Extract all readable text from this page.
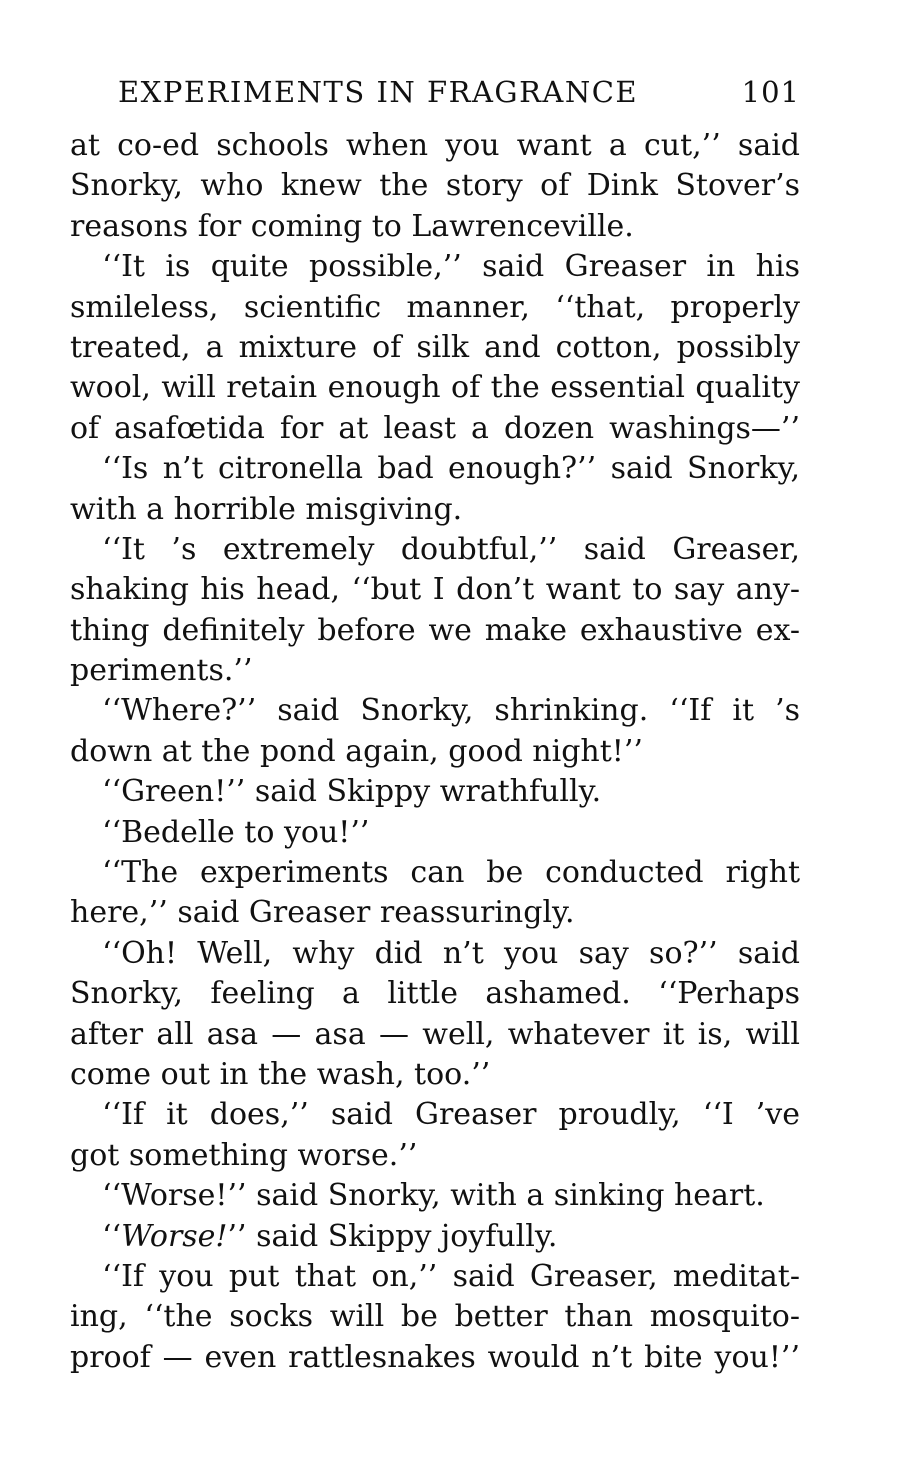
EXPERIMENTS IN FRAGRANCE	101
at co-ed schools when you want a cut,’’ said
Snorky, who knew the story of Dink Stover’s
reasons for coming to Lawrenceville.
‘‘It is quite possible,’’ said Greaser in his
smileless, scientific manner, ‘‘that, properly
treated, a mixture of silk and cotton, possibly
wool, will retain enough of the essential quality
of asafœtida for at least a dozen washings—’’
‘‘Is n’t citronella bad enough?’’ said Snorky,
with a horrible misgiving.
‘‘It ’s extremely doubtful,’’ said Greaser,
shaking his head, ‘‘but I don’t want to say any-
thing definitely before we make exhaustive ex-
periments.’’
‘‘Where?’’ said Snorky, shrinking. ‘‘If it ’s
down at the pond again, good night!’’
‘‘Green!’’ said Skippy wrathfully.
‘‘Bedelle to you!’’
‘‘The experiments can be conducted right
here,’’ said Greaser reassuringly.
‘‘Oh! Well, why did n’t you say so?’’ said
Snorky, feeling a little ashamed. ‘‘Perhaps
after all asa — asa — well, whatever it is, will
come out in the wash, too.’’
‘‘If it does,’’ said Greaser proudly, ‘‘I ’ve
got something worse.’’
‘‘Worse!’’ said Snorky, with a sinking heart.
‘‘Worse!’’ said Skippy joyfully.
‘‘If you put that on,’’ said Greaser, meditat-
ing, ‘‘the socks will be better than mosquito-
proof — even rattlesnakes would n’t bite you!’’
